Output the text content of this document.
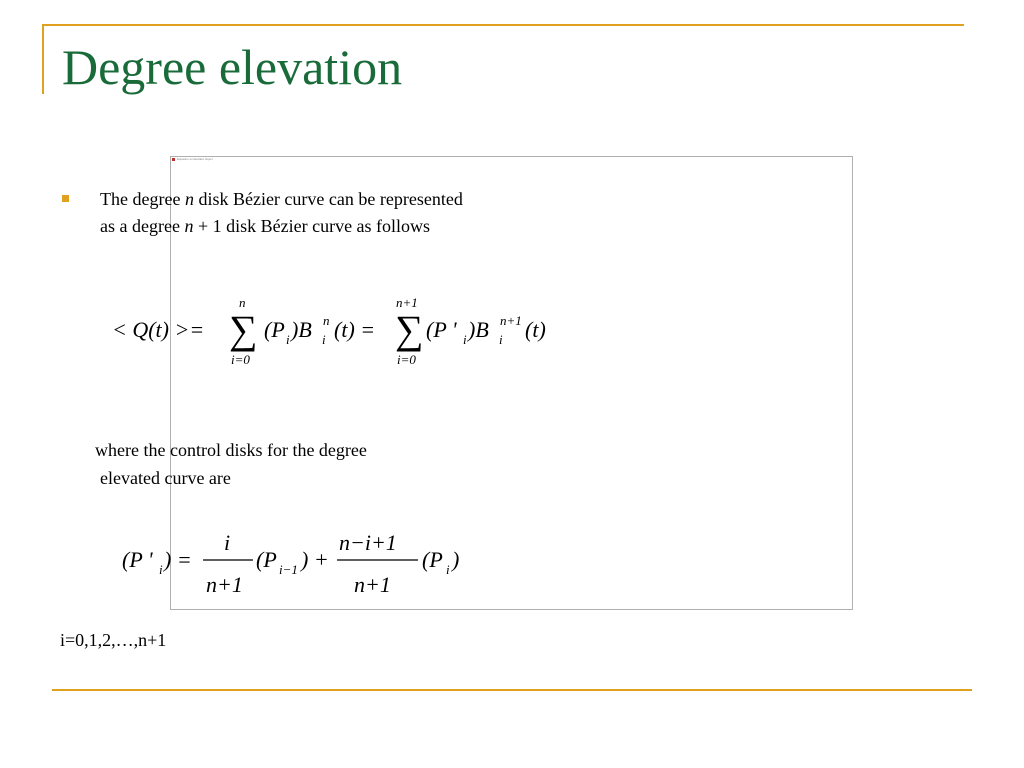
Degree elevation
Equation embedded object
The degree n disk Bézier curve can be represented as a degree n + 1 disk Bézier curve as follows
< Q(t) >= ∑
n
i=0
(P i )B n
i (t) = ∑
n+1
i=0
(P ' i )B n+1
i (t)
where the control disks for the degree
elevated curve are
(P ' i ) =
i
n+1
(P i−1 ) +
n−i+1
n+1
(P i )
i=0,1,2,…,n+1
